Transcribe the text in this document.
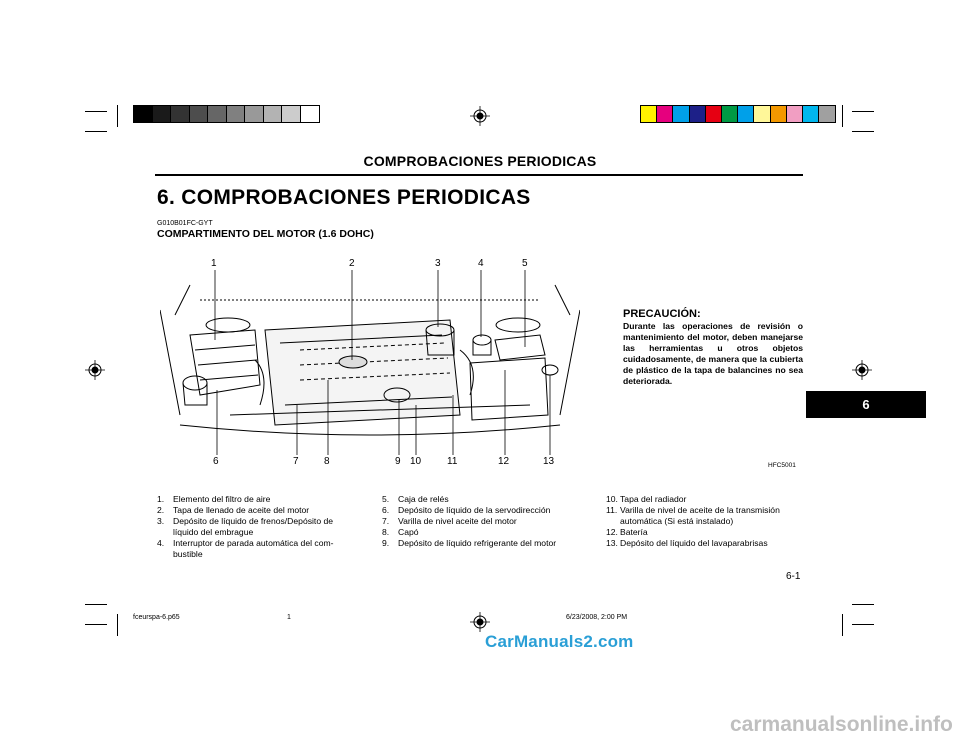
COMPROBACIONES PERIODICAS
6. COMPROBACIONES PERIODICAS
G010B01FC-GYT
COMPARTIMENTO DEL MOTOR (1.6 DOHC)
6
1	2	3	4	5
6	7	8	9 10	11	12	13
PRECAUCIÓN:
Durante las operaciones de revisión o mantenimiento del motor, deben manejarse las herramientas u otros objetos cuidadosamente, de manera que la cubierta de plástico de la tapa de balancines no sea deteriorada.
HFC5001
1.	Elemento del filtro de aire
2.	Tapa de llenado de aceite del motor
3.	Depósito de líquido de frenos/Depósito de líquido del embrague
4.	Interruptor de parada automática del com- bustible
5.	Caja de relés
6.	Depósito de líquido de la servodirección
7.	Varilla de nivel aceite del motor
8.	Capó
9.	Depósito de líquido refrigerante del motor
10. Tapa del radiador
11. Varilla de nivel de aceite de la transmisión automática (Si está instalado)
12. Batería
13. Depósito del líquido del lavaparabrisas
6-1
fceurspa-6.p65	1	6/23/2008, 2:00 PM
CarManuals2.com
carmanualsonline.info
